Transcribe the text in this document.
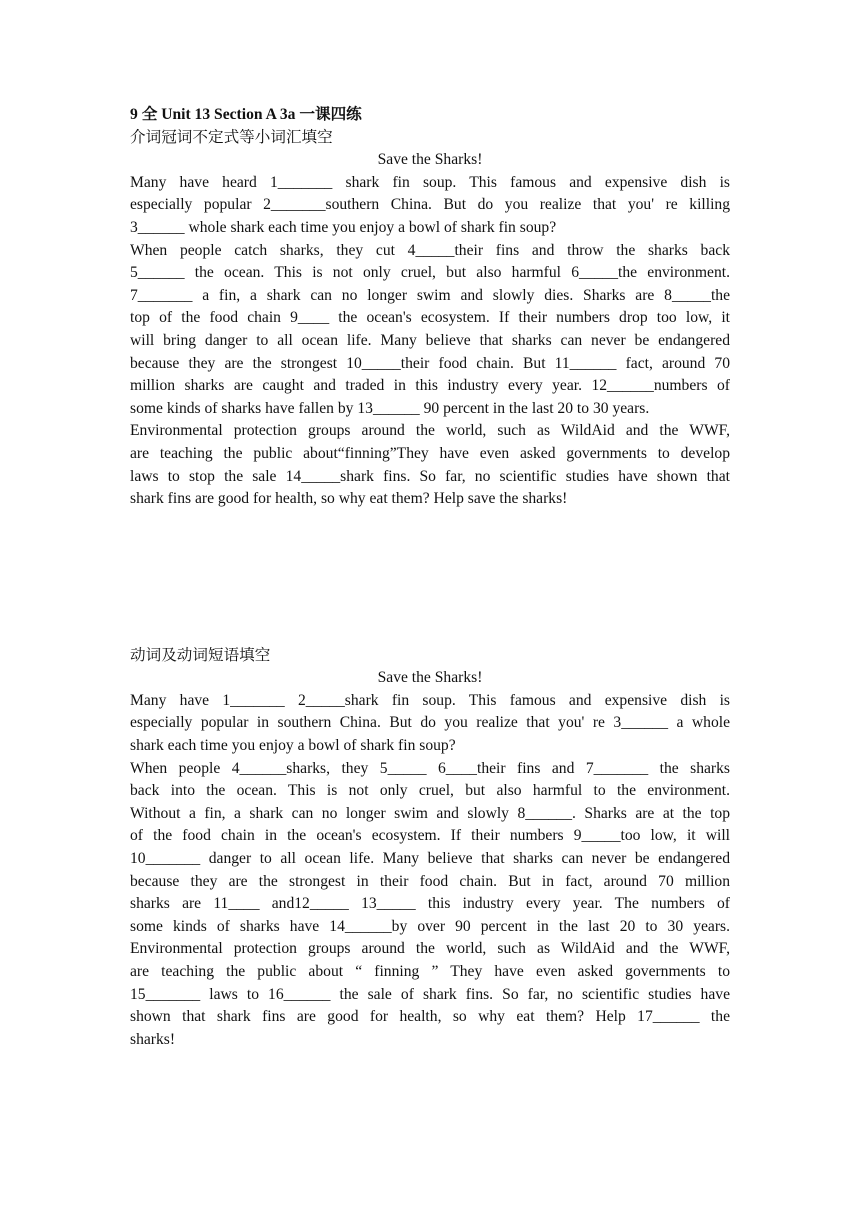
9 全 Unit 13 Section A 3a 一课四练
介词冠词不定式等小词汇填空
Save the Sharks!
Many have heard 1_______ shark fin soup. This famous and expensive dish is
especially popular 2_______southern China. But do you realize that you' re killing
3______ whole shark each time you enjoy a bowl of shark fin soup?
When people catch sharks, they cut 4_____their fins and throw the sharks back
5______ the ocean. This is not only cruel, but also harmful 6_____the environment.
7_______ a fin, a shark can no longer swim and slowly dies. Sharks are 8_____the
top of the food chain 9____ the ocean's ecosystem. If their numbers drop too low, it
will bring danger to all ocean life. Many believe that sharks can never be endangered
because they are the strongest 10_____their food chain. But 11______ fact, around 70
million sharks are caught and traded in this industry every year. 12______numbers of
some kinds of sharks have fallen by 13______ 90 percent in the last 20 to 30 years.
Environmental protection groups around the world, such as WildAid and the WWF,
are teaching the public about“finning”They have even asked governments to develop
laws to stop the sale 14_____shark fins. So far, no scientific studies have shown that
shark fins are good for health, so why eat them? Help save the sharks!
动词及动词短语填空
Save the Sharks!
Many have 1_______ 2_____shark fin soup. This famous and expensive dish is
especially popular in southern China. But do you realize that you' re 3______ a whole
shark each time you enjoy a bowl of shark fin soup?
When people 4______sharks, they 5_____ 6____their fins and 7_______ the sharks
back into the ocean. This is not only cruel, but also harmful to the environment.
Without a fin, a shark can no longer swim and slowly 8______. Sharks are at the top
of the food chain in the ocean's ecosystem. If their numbers 9_____too low, it will
10_______ danger to all ocean life. Many believe that sharks can never be endangered
because they are the strongest in their food chain. But in fact, around 70 million
sharks are 11____ and12_____ 13_____ this industry every year. The numbers of
some kinds of sharks have 14______by over 90 percent in the last 20 to 30 years.
Environmental protection groups around the world, such as WildAid and the WWF,
are teaching the public about “ finning ” They have even asked governments to
15_______ laws to 16______ the sale of shark fins. So far, no scientific studies have
shown that shark fins are good for health, so why eat them? Help 17______ the
sharks!
